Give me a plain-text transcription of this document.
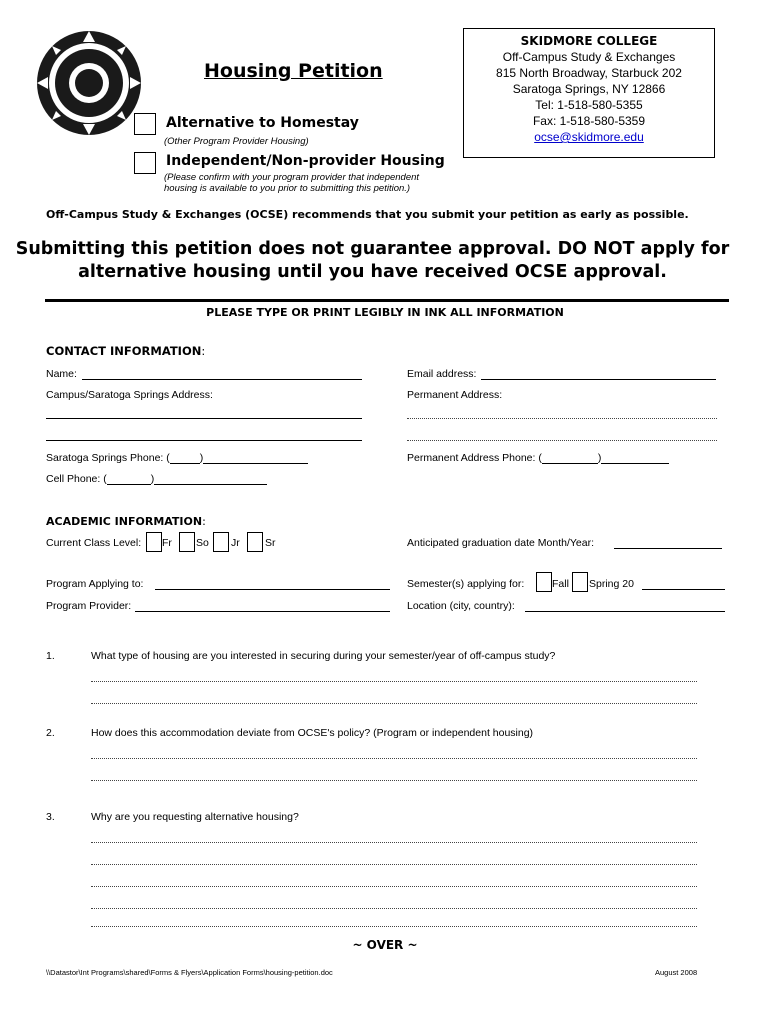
Housing Petition
Alternative to Homestay
(Other Program Provider Housing)
Independent/Non-provider Housing
(Please confirm with your program provider that independent
housing is available to you prior to submitting this petition.)
SKIDMORE COLLEGE
Off-Campus Study & Exchanges
815 North Broadway, Starbuck 202
Saratoga Springs, NY 12866
Tel: 1-518-580-5355
Fax: 1-518-580-5359
ocse@skidmore.edu
Off-Campus Study & Exchanges (OCSE) recommends that you submit your petition as early as possible.
Submitting this petition does not guarantee approval. DO NOT apply for
alternative housing until you have received OCSE approval.
PLEASE TYPE OR PRINT LEGIBLY IN INK ALL INFORMATION
CONTACT INFORMATION:
Name:	Email address:
Campus/Saratoga Springs Address:	Permanent Address:
Saratoga Springs Phone: (	)	Permanent Address Phone: (	)
Cell Phone: (	)
ACADEMIC INFORMATION:
Current Class Level: Fr So Jr Sr	Anticipated graduation date Month/Year:
Program Applying to:	Semester(s) applying for:	Fall Spring 20
Program Provider:	Location (city, country):
1.	What type of housing are you interested in securing during your semester/year of off-campus study?
2.	How does this accommodation deviate from OCSE's policy? (Program or independent housing)
3.	Why are you requesting alternative housing?
~ OVER ~
\\Datastor\Int Programs\shared\Forms & Flyers\Application Forms\housing-petition.doc	August 2008
